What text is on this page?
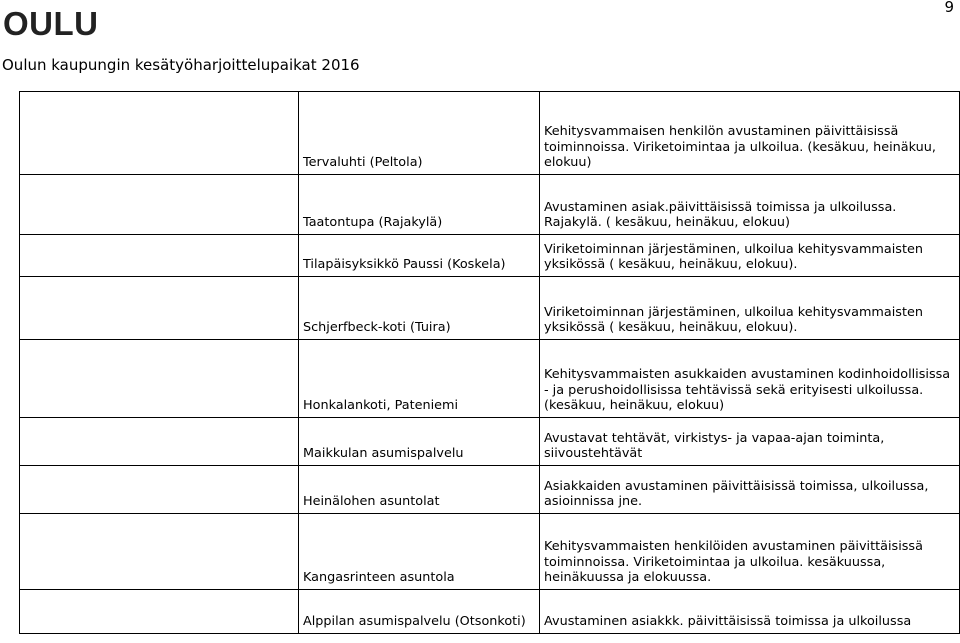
OULU	9
Oulun kaupungin kesätyöharjoittelupaikat 2016
	Tervaluhti (Peltola)	Kehitysvammaisen henkilön avustaminen päivittäisissä toiminnoissa. Viriketoimintaa ja ulkoilua. (kesäkuu, heinäkuu, elokuu)
	Taatontupa (Rajakylä)	Avustaminen asiak.päivittäisissä toimissa ja ulkoilussa. Rajakylä. ( kesäkuu, heinäkuu, elokuu)
	Tilapäisyksikkö Paussi (Koskela)	Viriketoiminnan järjestäminen, ulkoilua kehitysvammaisten yksikössä ( kesäkuu, heinäkuu, elokuu).
	Schjerfbeck-koti (Tuira)	Viriketoiminnan järjestäminen, ulkoilua kehitysvammaisten yksikössä ( kesäkuu, heinäkuu, elokuu).
	Honkalankoti, Pateniemi	Kehitysvammaisten asukkaiden avustaminen kodinhoidollisissa - ja perushoidollisissa tehtävissä sekä erityisesti ulkoilussa. (kesäkuu, heinäkuu, elokuu)
	Maikkulan asumispalvelu	Avustavat tehtävät, virkistys- ja vapaa-ajan toiminta, siivoustehtävät
	Heinälohen asuntolat	Asiakkaiden avustaminen päivittäisissä toimissa, ulkoilussa, asioinnissa jne.
	Kangasrinteen asuntola	Kehitysvammaisten henkilöiden avustaminen päivittäisissä toiminnoissa. Viriketoimintaa ja ulkoilua. kesäkuussa, heinäkuussa ja elokuussa.
	Alppilan asumispalvelu (Otsonkoti)	Avustaminen asiakkk. päivittäisissä toimissa ja ulkoilussa
